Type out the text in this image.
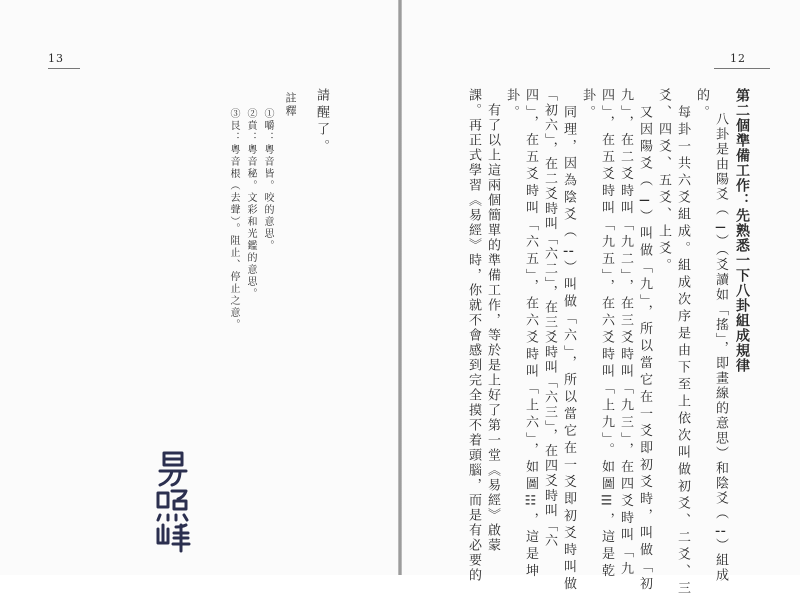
13
請醒了。
註釋
①嚼：粵音皆。咬的意思。
②賁：粵音秘。文彩和光鑑的意思。
③艮：粵音根（去聲）。阻止、停止之意。
12
第二個準備工作：先熟悉一下八卦組成規律
八卦是由陽爻（⚊）（爻讀如「搖」，即畫線的意思）和陰爻（⚋）組成
的。
　每卦一共六爻組成。組成次序是由下至上依次叫做初爻、二爻、三
爻、四爻、五爻、上爻。
　又因陽爻（⚊）叫做「九」，所以當它在一爻即初爻時，叫做「初
九」，在二爻時叫「九二」，在三爻時叫「九三」，在四爻時叫「九
四」，在五爻時叫「九五」，在六爻時叫「上九」。如圖☰，這是乾
卦。
　同理，因為陰爻（⚋）叫做「六」，所以當它在一爻即初爻時叫做
「初六」，在二爻時叫「六二」，在三爻時叫「六三」，在四爻時叫「六
四」，在五爻時叫「六五」，在六爻時叫「上六」，如圖☷，這是坤
卦。
　有了以上這兩個簡單的準備工作，等於是上好了第一堂《易經》啟蒙
課。再正式學習《易經》時，你就不會感到完全摸不着頭腦，而是有必要的
